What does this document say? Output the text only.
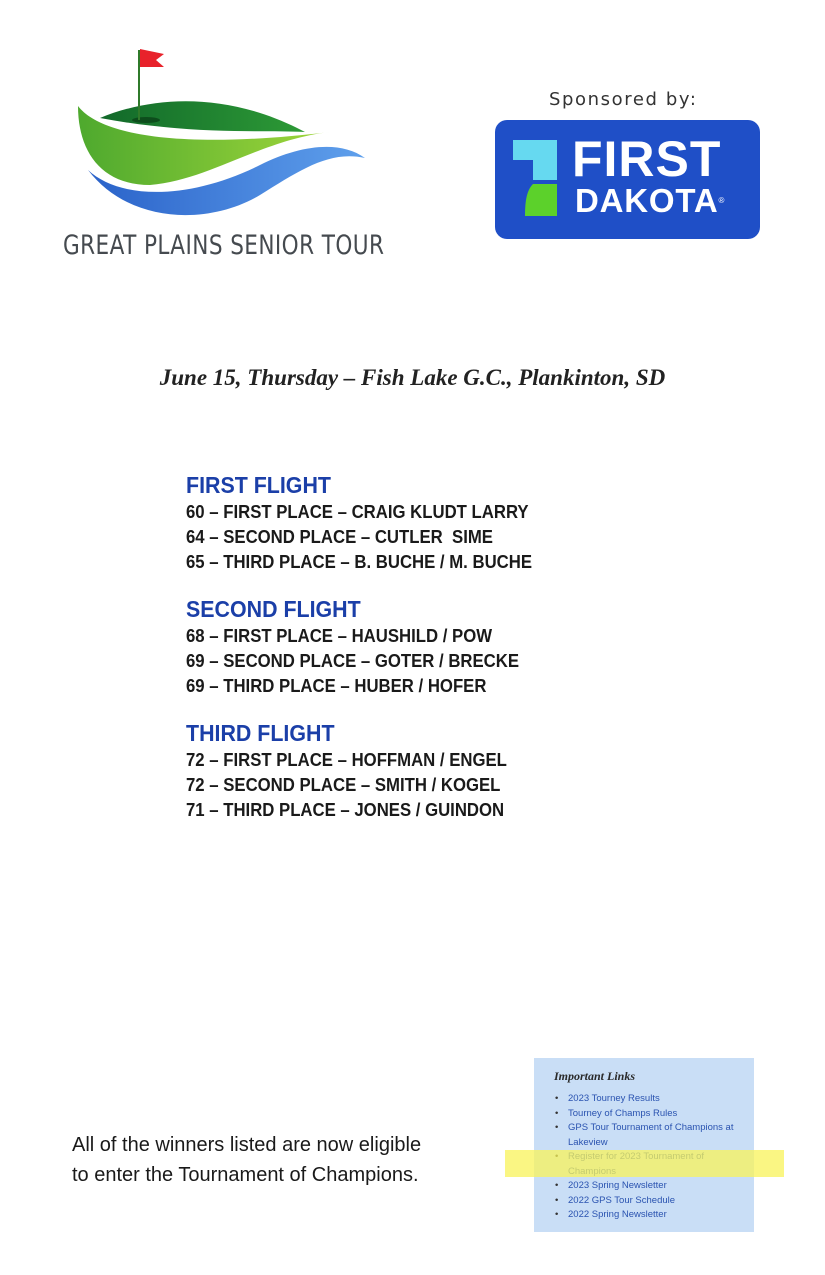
GREAT PLAINS SENIOR TOUR
Sponsored by:
FIRST
DAKOTA®
June 15, Thursday – Fish Lake G.C., Plankinton, SD
FIRST FLIGHT
60 – FIRST PLACE – CRAIG KLUDT LARRY
64 – SECOND PLACE – CUTLER  SIME
65 – THIRD PLACE – B. BUCHE / M. BUCHE
SECOND FLIGHT
68 – FIRST PLACE – HAUSHILD / POW
69 – SECOND PLACE – GOTER / BRECKE
69 – THIRD PLACE – HUBER / HOFER
THIRD FLIGHT
72 – FIRST PLACE – HOFFMAN / ENGEL
72 – SECOND PLACE – SMITH / KOGEL
71 – THIRD PLACE – JONES / GUINDON
All of the winners listed are now eligible
to enter the Tournament of Champions.
Important Links
• 2023 Tourney Results
• Tourney of Champs Rules
• GPS Tour Tournament of Champions at Lakeview
• 2023 Spring Newsletter
• 2022 GPS Tour Schedule
• 2022 Spring Newsletter
